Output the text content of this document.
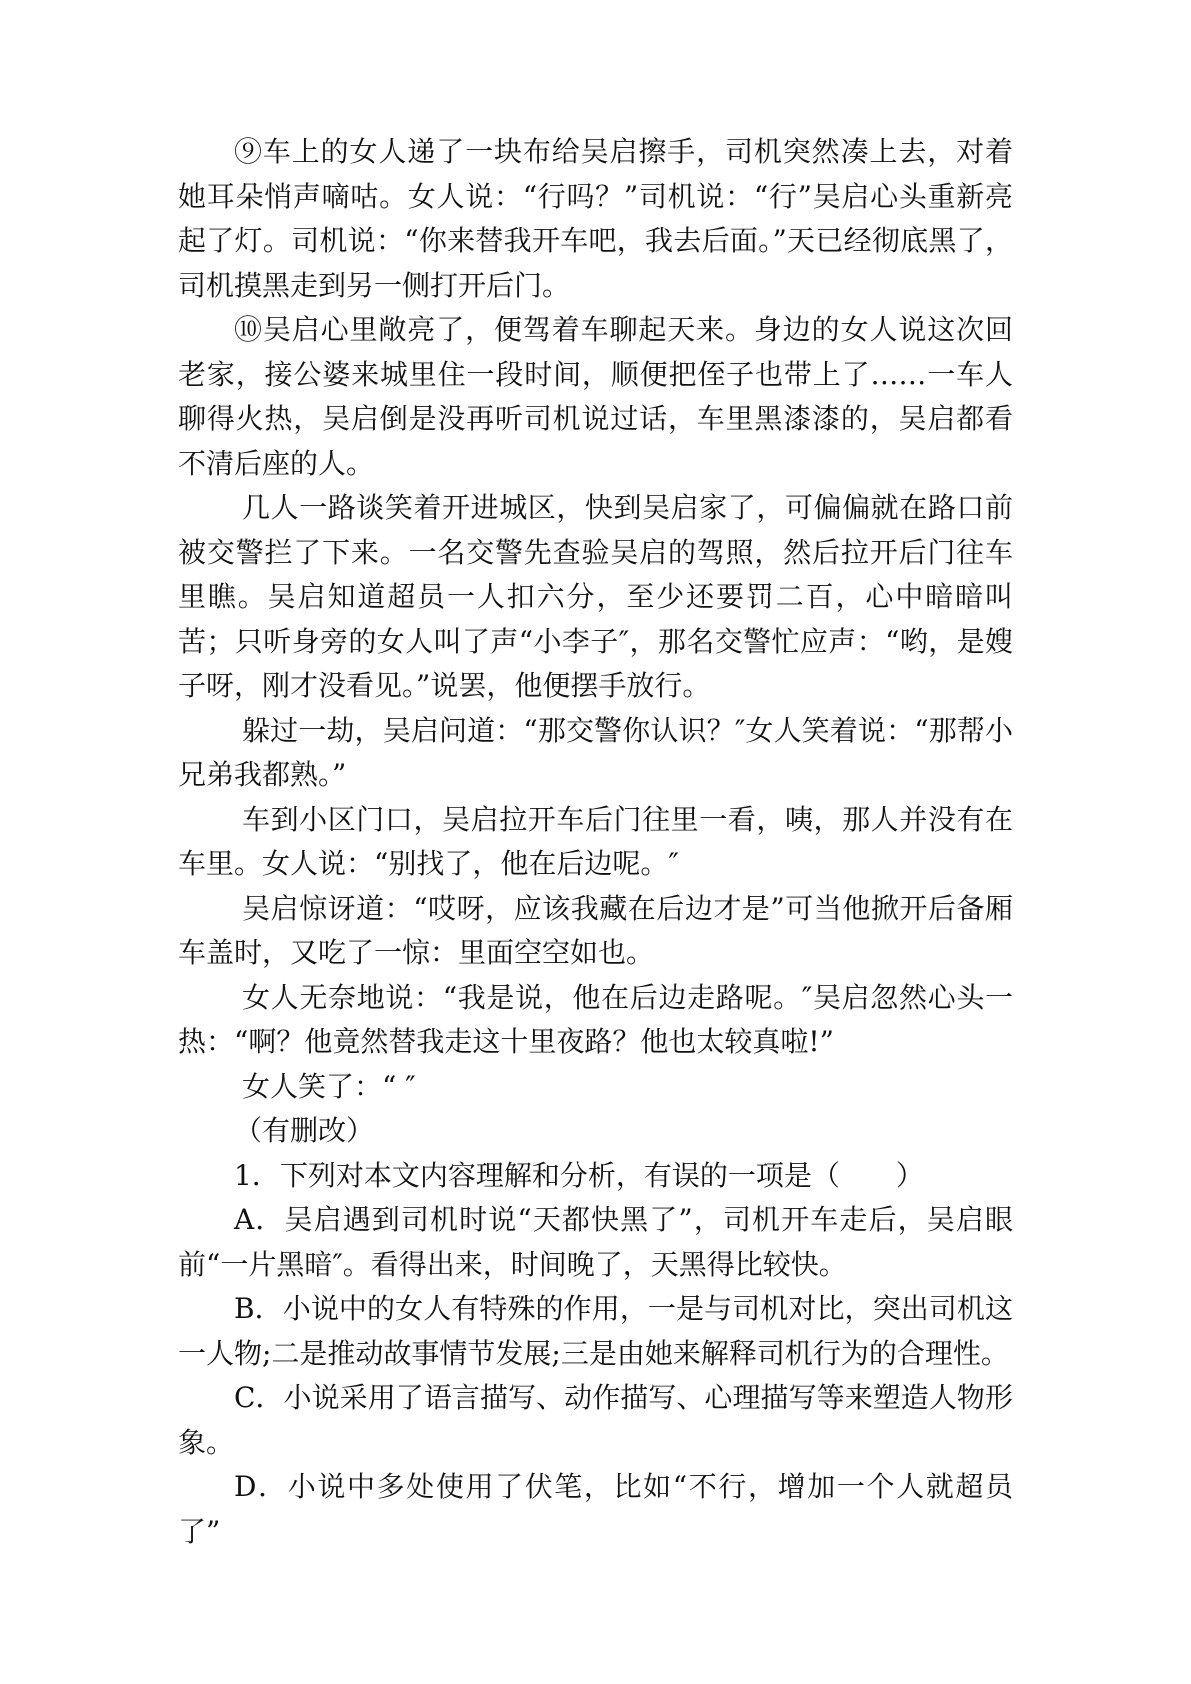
⑨车上的女人递了一块布给吴启擦手，司机突然凑上去，对着她耳朵悄声嘀咕。女人说：“行吗？”司机说：“行”吴启心头重新亮起了灯。司机说：“你来替我开车吧，我去后面。”天已经彻底黑了，司机摸黑走到另一侧打开后门。

⑩吴启心里敞亮了，便驾着车聊起天来。身边的女人说这次回老家，接公婆来城里住一段时间，顺便把侄子也带上了……一车人聊得火热，吴启倒是没再听司机说过话，车里黑漆漆的，吴启都看不清后座的人。

几人一路谈笑着开进城区，快到吴启家了，可偏偏就在路口前被交警拦了下来。一名交警先查验吴启的驾照，然后拉开后门往车里瞧。吴启知道超员一人扣六分，至少还要罚二百，心中暗暗叫苦；只听身旁的女人叫了声“小李子″，那名交警忙应声：“哟，是嫂子呀，刚才没看见。”说罢，他便摆手放行。

躲过一劫，吴启问道：“那交警你认识？″女人笑着说：“那帮小兄弟我都熟。”

车到小区门口，吴启拉开车后门往里一看，咦，那人并没有在车里。女人说：“别找了，他在后边呢。″

吴启惊讶道：“哎呀，应该我藏在后边才是”可当他掀开后备厢车盖时，又吃了一惊：里面空空如也。

女人无奈地说：“我是说，他在后边走路呢。″吴启忽然心头一热：“啊？他竟然替我走这十里夜路？他也太较真啦!”

女人笑了：“ ″

（有删改）

1．下列对本文内容理解和分析，有误的一项是（　　）

A．吴启遇到司机时说“天都快黑了”，司机开车走后，吴启眼前“一片黑暗″。看得出来，时间晚了，天黑得比较快。

B．小说中的女人有特殊的作用，一是与司机对比，突出司机这一人物;二是推动故事情节发展;三是由她来解释司机行为的合理性。

C．小说采用了语言描写、动作描写、心理描写等来塑造人物形象。

D．小说中多处使用了伏笔，比如“不行，增加一个人就超员了”
